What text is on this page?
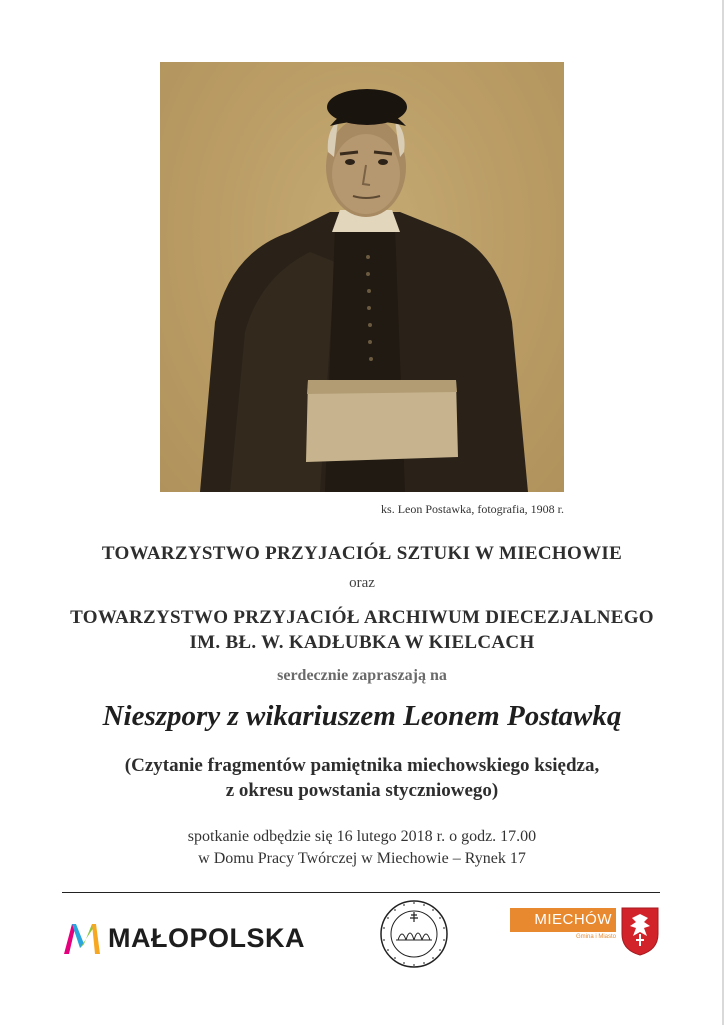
ks. Leon Postawka, fotografia, 1908 r.
TOWARZYSTWO PRZYJACIÓŁ SZTUKI W MIECHOWIE
oraz
TOWARZYSTWO PRZYJACIÓŁ ARCHIWUM DIECEZJALNEGO
IM. BŁ. W. KADŁUBKA W KIELCACH
serdecznie zapraszają na
Nieszpory z wikariuszem Leonem Postawką
(Czytanie fragmentów pamiętnika miechowskiego księdza,
z okresu powstania styczniowego)
spotkanie odbędzie się 16 lutego 2018 r. o godz. 17.00
w Domu Pracy Twórczej w Miechowie – Rynek 17
MAŁOPOLSKA
MIECHÓW
Gmina i Miasto
